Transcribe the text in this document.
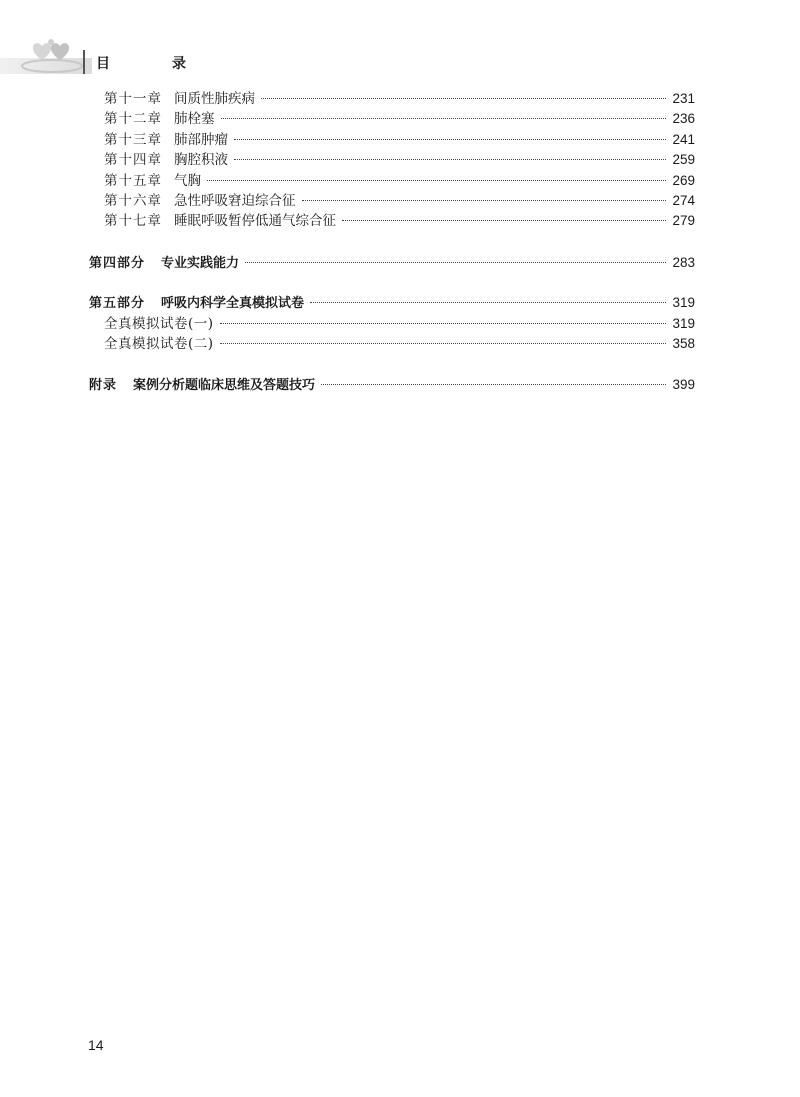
目　录
第十一章 间质性肺疾病	231
第十二章 肺栓塞	236
第十三章 肺部肿瘤	241
第十四章 胸腔积液	259
第十五章 气胸	269
第十六章 急性呼吸窘迫综合征	274
第十七章 睡眠呼吸暂停低通气综合征	279
第四部分 专业实践能力	283
第五部分 呼吸内科学全真模拟试卷	319
全真模拟试卷(一)	319
全真模拟试卷(二)	358
附录 案例分析题临床思维及答题技巧	399
14
